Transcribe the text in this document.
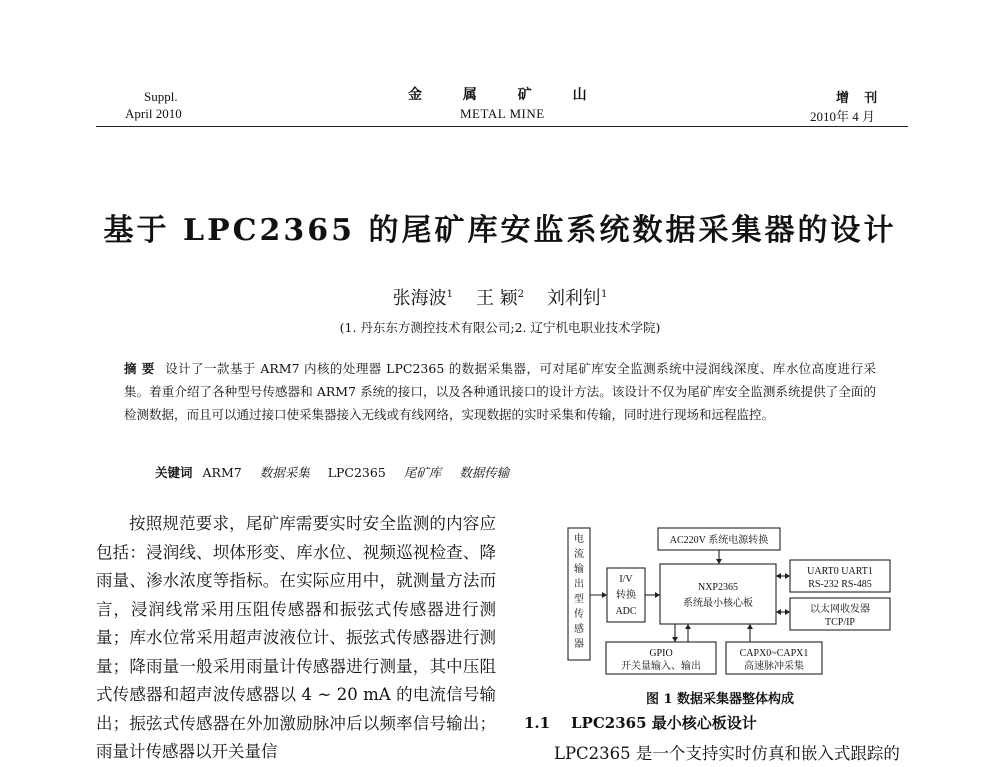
Suppl.
April 2010
金 属 矿 山
METAL MINE
增 刊
2010年 4 月
基于 LPC2365 的尾矿库安监系统数据采集器的设计
张海波$^1$ 王 颖$^2$ 刘利钊$^1$
(1. 丹东东方测控技术有限公司;2. 辽宁机电职业技术学院)
摘 要 设计了一款基于 ARM7 内核的处理器 LPC2365 的数据采集器，可对尾矿库安全监测系统中浸润线深度、库水位高度进行采集。着重介绍了各种型号传感器和 ARM7 系统的接口，以及各种通讯接口的设计方法。该设计不仅为尾矿库安全监测系统提供了全面的检测数据，而且可以通过接口使采集器接入无线或有线网络，实现数据的实时采集和传输，同时进行现场和远程监控。
关键词 ARM7 数据采集 LPC2365 尾矿库 数据传输

按照规范要求，尾矿库需要实时安全监测的内容应包括：浸润线、坝体形变、库水位、视频巡视检查、降雨量、渗水浓度等指标。在实际应用中，就测量方法而言，浸润线常采用压阻传感器和振弦式传感器进行测量；库水位常采用超声波液位计、振弦式传感器进行测量；降雨量一般采用雨量计传感器进行测量，其中压阻式传感器和超声波传感器以 4 ~ 20 mA 的电流信号输出；振弦式传感器在外加激励脉冲后以频率信号输出；雨量计传感器以开关量信

电
流
输
出
型
传
感
器
AC220V 系统电源转换
I/V
转换
ADC
NXP2365
系统最小核心板
UART0 UART1
RS-232 RS-485
以太网收发器
TCP/IP
GPIO
开关量输入、输出
CAPX0~CAPX1
高速脉冲采集
图 1 数据采集器整体构成
1.1 LPC2365 最小核心板设计
LPC2365 是一个支持实时仿真和嵌入式跟踪的
